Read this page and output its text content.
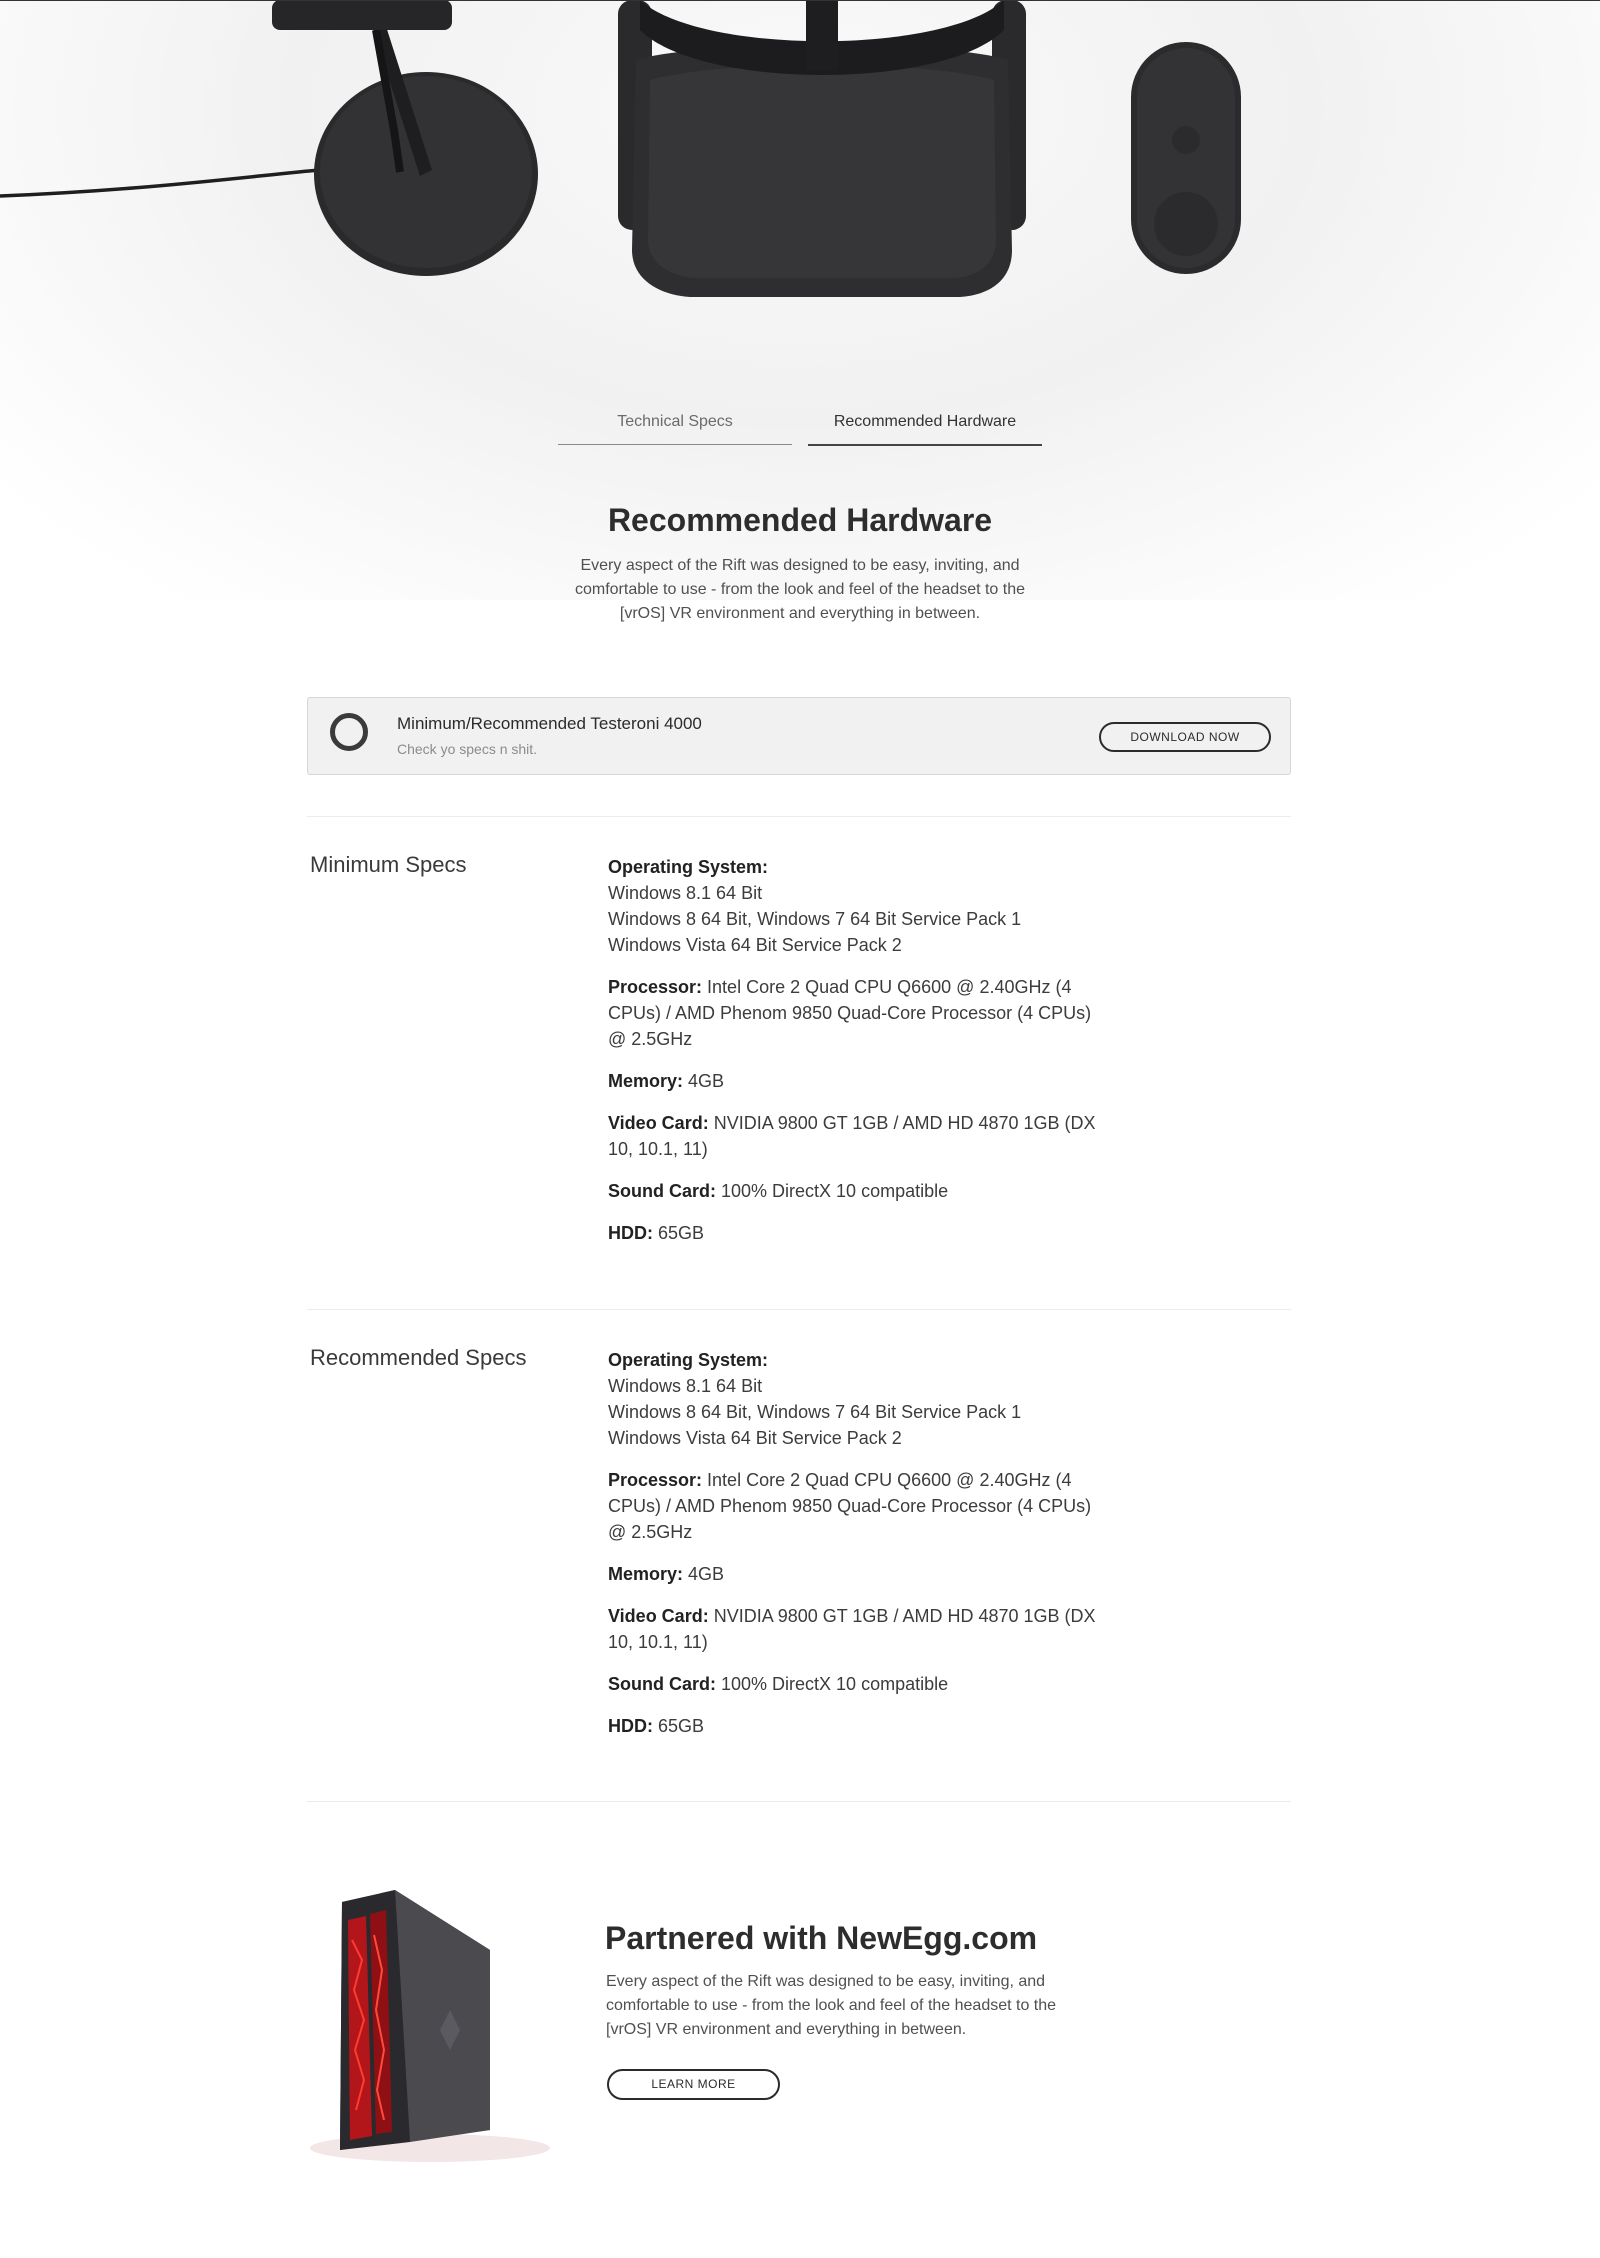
Technical Specs	Recommended Hardware
Recommended Hardware

Every aspect of the Rift was designed to be easy, inviting, and comfortable to use - from the look and feel of the headset to the [vrOS] VR environment and everything in between.

Minimum/Recommended Testeroni 4000
Check yo specs n shit.
DOWNLOAD NOW
Minimum Specs	Operating System:
Windows 8.1 64 Bit
Windows 8 64 Bit, Windows 7 64 Bit Service Pack 1
Windows Vista 64 Bit Service Pack 2
Processor: Intel Core 2 Quad CPU Q6600 @ 2.40GHz (4 CPUs) / AMD Phenom 9850 Quad-Core Processor (4 CPUs) @ 2.5GHz
Memory: 4GB
Video Card: NVIDIA 9800 GT 1GB / AMD HD 4870 1GB (DX 10, 10.1, 11)
Sound Card: 100% DirectX 10 compatible
HDD: 65GB
Recommended Specs	Operating System:
Windows 8.1 64 Bit
Windows 8 64 Bit, Windows 7 64 Bit Service Pack 1
Windows Vista 64 Bit Service Pack 2
Processor: Intel Core 2 Quad CPU Q6600 @ 2.40GHz (4 CPUs) / AMD Phenom 9850 Quad-Core Processor (4 CPUs) @ 2.5GHz
Memory: 4GB
Video Card: NVIDIA 9800 GT 1GB / AMD HD 4870 1GB (DX 10, 10.1, 11)
Sound Card: 100% DirectX 10 compatible
HDD: 65GB
Partnered with NewEgg.com

Every aspect of the Rift was designed to be easy, inviting, and comfortable to use - from the look and feel of the headset to the [vrOS] VR environment and everything in between.

LEARN MORE
